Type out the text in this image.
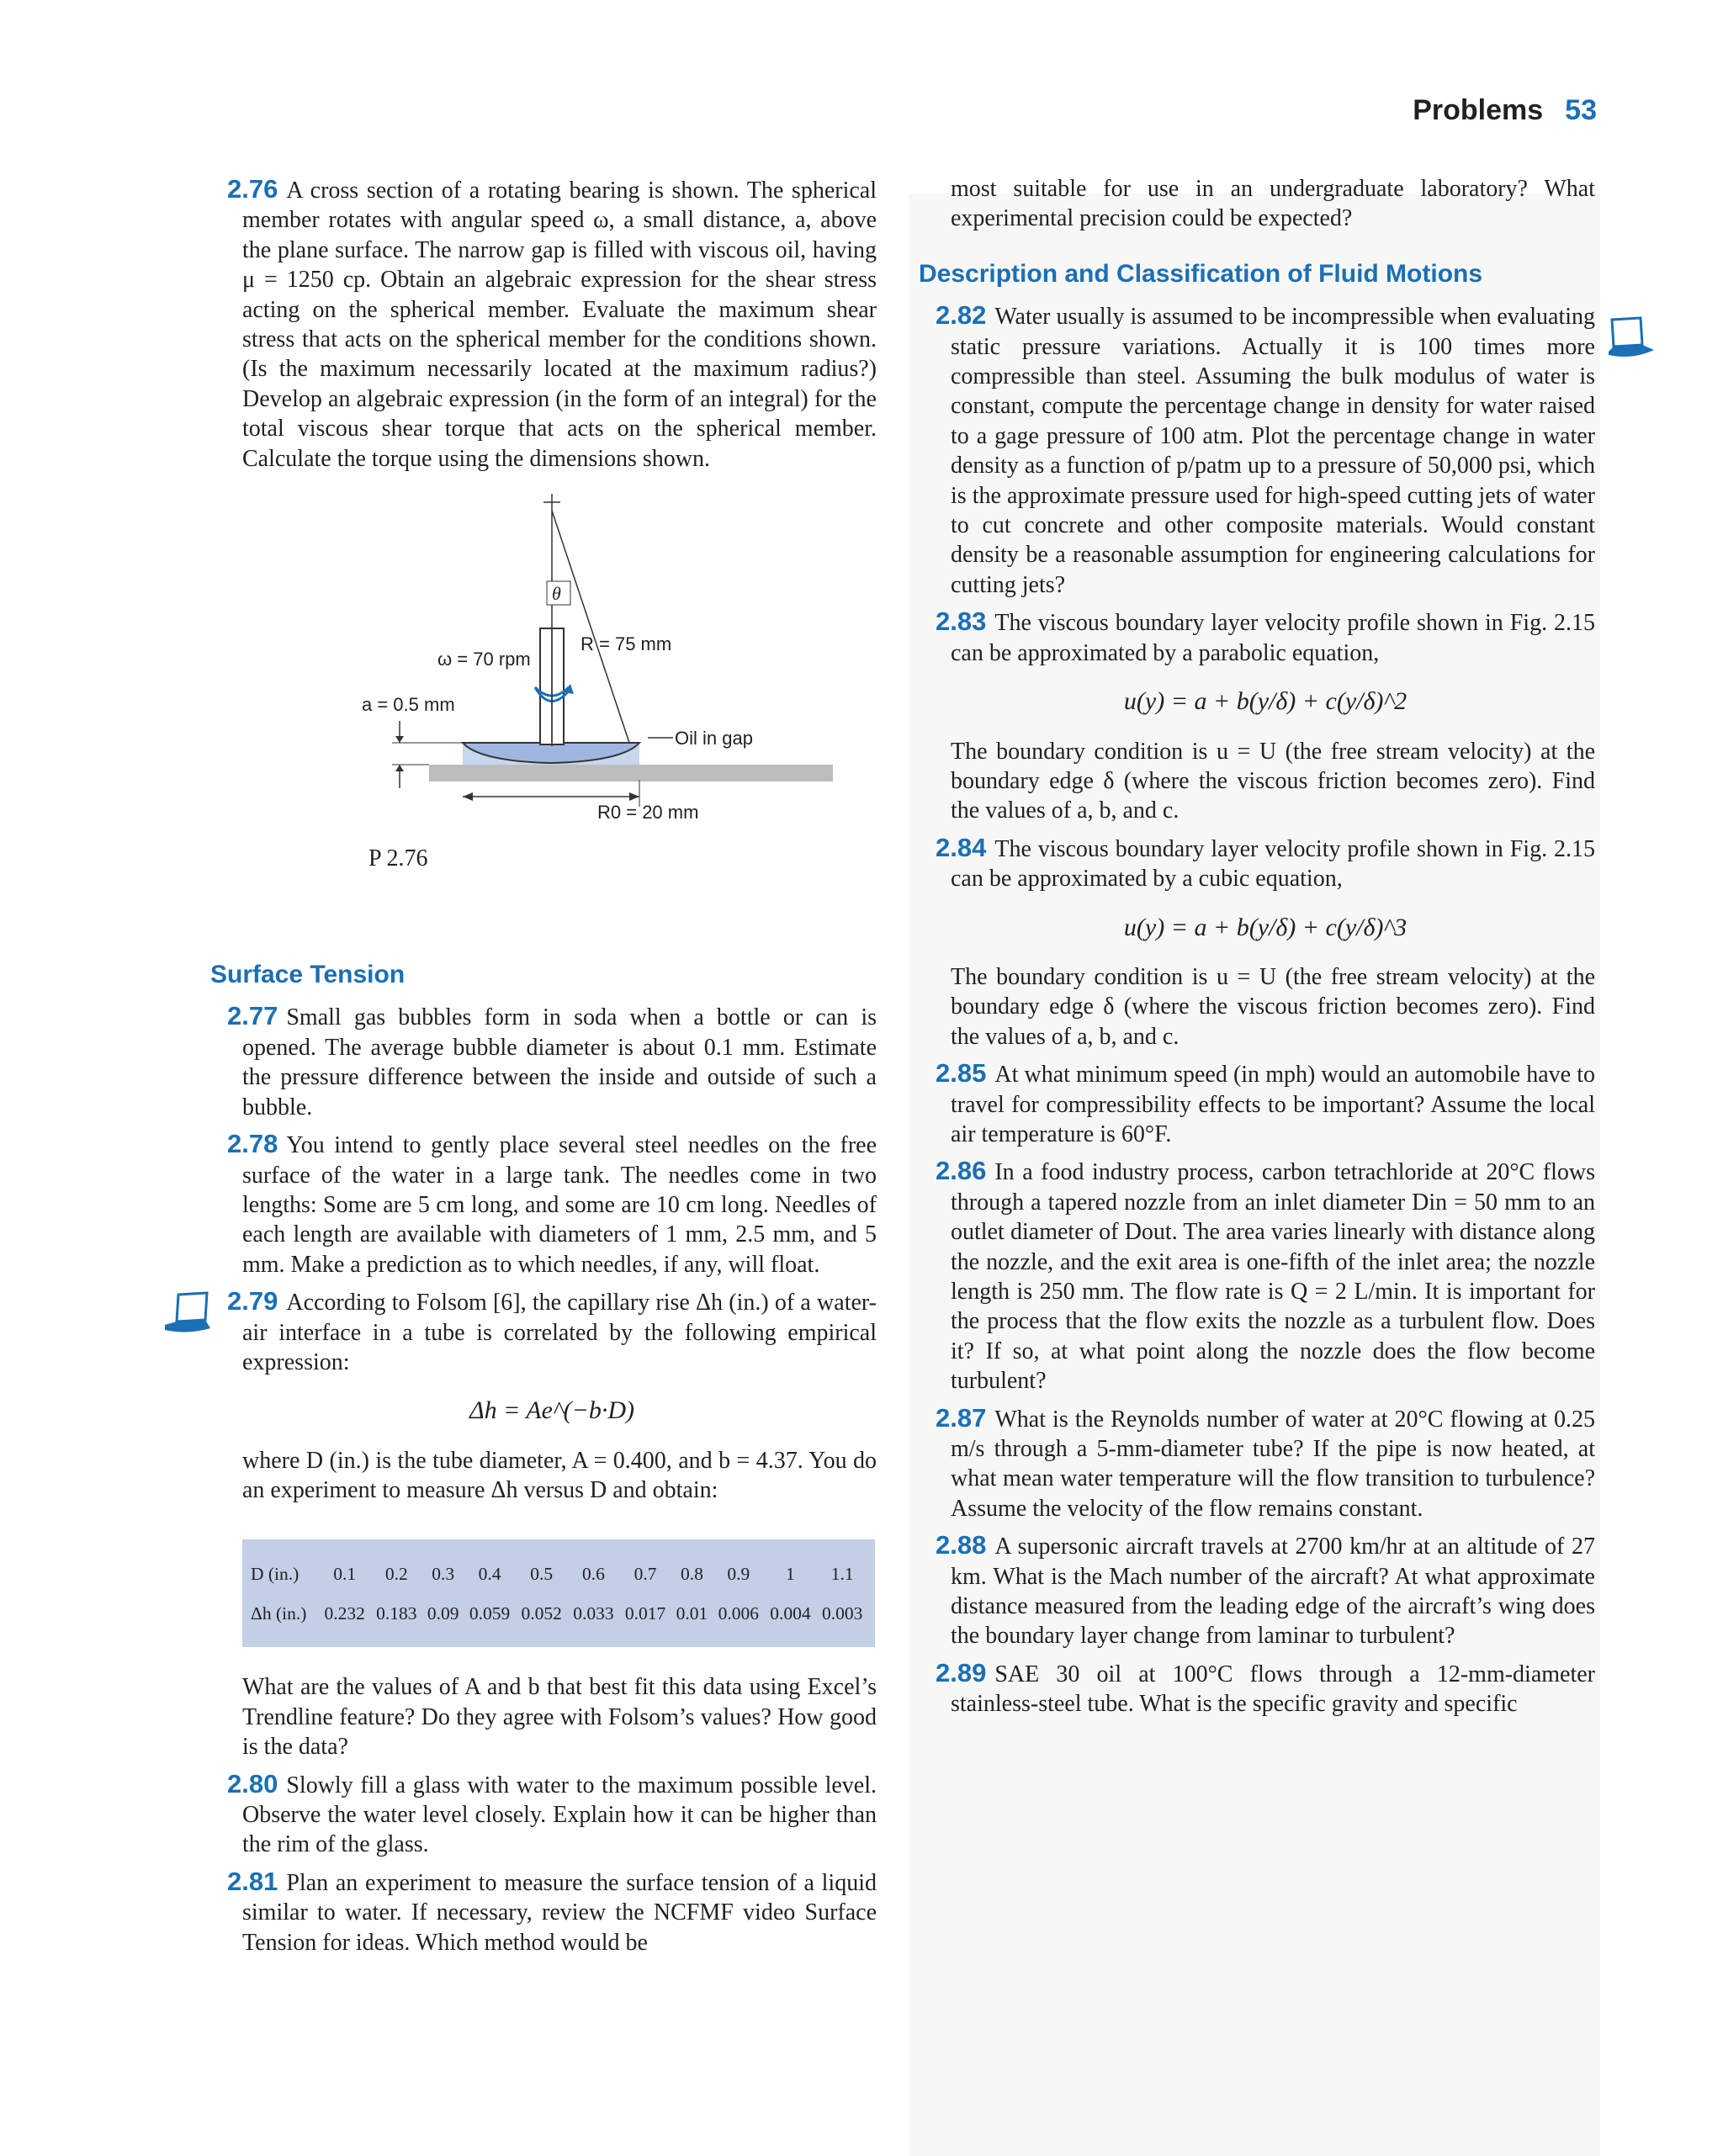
Problems 53

2.76 A cross section of a rotating bearing is shown. The spherical member rotates with angular speed ω, a small distance, a, above the plane surface. The narrow gap is filled with viscous oil, having μ = 1250 cp. Obtain an algebraic expression for the shear stress acting on the spherical member. Evaluate the maximum shear stress that acts on the spherical member for the conditions shown. (Is the maximum necessarily located at the maximum radius?) Develop an algebraic expression (in the form of an integral) for the total viscous shear torque that acts on the spherical member. Calculate the torque using the dimensions shown.

θ
R = 75 mm
ω = 70 rpm
a = 0.5 mm
Oil in gap
R0 = 20 mm
P 2.76
Surface Tension

2.77 Small gas bubbles form in soda when a bottle or can is opened. The average bubble diameter is about 0.1 mm. Estimate the pressure difference between the inside and outside of such a bubble.

2.78 You intend to gently place several steel needles on the free surface of the water in a large tank. The needles come in two lengths: Some are 5 cm long, and some are 10 cm long. Needles of each length are available with diameters of 1 mm, 2.5 mm, and 5 mm. Make a prediction as to which needles, if any, will float.

2.79 According to Folsom [6], the capillary rise Δh (in.) of a water-air interface in a tube is correlated by the following empirical expression:

Δh = Ae^(−b·D)

where D (in.) is the tube diameter, A = 0.400, and b = 4.37. You do an experiment to measure Δh versus D and obtain:

D (in.)	0.1	0.2	0.3	0.4	0.5	0.6	0.7	0.8	0.9	1	1.1
Δh (in.)	0.232	0.183	0.09	0.059	0.052	0.033	0.017	0.01	0.006	0.004	0.003

What are the values of A and b that best fit this data using Excel’s Trendline feature? Do they agree with Folsom’s values? How good is the data?

2.80 Slowly fill a glass with water to the maximum possible level. Observe the water level closely. Explain how it can be higher than the rim of the glass.

2.81 Plan an experiment to measure the surface tension of a liquid similar to water. If necessary, review the NCFMF video Surface Tension for ideas. Which method would be

most suitable for use in an undergraduate laboratory? What experimental precision could be expected?

Description and Classification of Fluid Motions

2.82 Water usually is assumed to be incompressible when evaluating static pressure variations. Actually it is 100 times more compressible than steel. Assuming the bulk modulus of water is constant, compute the percentage change in density for water raised to a gage pressure of 100 atm. Plot the percentage change in water density as a function of p/patm up to a pressure of 50,000 psi, which is the approximate pressure used for high-speed cutting jets of water to cut concrete and other composite materials. Would constant density be a reasonable assumption for engineering calculations for cutting jets?

2.83 The viscous boundary layer velocity profile shown in Fig. 2.15 can be approximated by a parabolic equation,

u(y) = a + b(y/δ) + c(y/δ)^2

The boundary condition is u = U (the free stream velocity) at the boundary edge δ (where the viscous friction becomes zero). Find the values of a, b, and c.

2.84 The viscous boundary layer velocity profile shown in Fig. 2.15 can be approximated by a cubic equation,

u(y) = a + b(y/δ) + c(y/δ)^3

The boundary condition is u = U (the free stream velocity) at the boundary edge δ (where the viscous friction becomes zero). Find the values of a, b, and c.

2.85 At what minimum speed (in mph) would an automobile have to travel for compressibility effects to be important? Assume the local air temperature is 60°F.

2.86 In a food industry process, carbon tetrachloride at 20°C flows through a tapered nozzle from an inlet diameter Din = 50 mm to an outlet diameter of Dout. The area varies linearly with distance along the nozzle, and the exit area is one-fifth of the inlet area; the nozzle length is 250 mm. The flow rate is Q = 2 L/min. It is important for the process that the flow exits the nozzle as a turbulent flow. Does it? If so, at what point along the nozzle does the flow become turbulent?

2.87 What is the Reynolds number of water at 20°C flowing at 0.25 m/s through a 5-mm-diameter tube? If the pipe is now heated, at what mean water temperature will the flow transition to turbulence? Assume the velocity of the flow remains constant.

2.88 A supersonic aircraft travels at 2700 km/hr at an altitude of 27 km. What is the Mach number of the aircraft? At what approximate distance measured from the leading edge of the aircraft’s wing does the boundary layer change from laminar to turbulent?

2.89 SAE 30 oil at 100°C flows through a 12-mm-diameter stainless-steel tube. What is the specific gravity and specific
